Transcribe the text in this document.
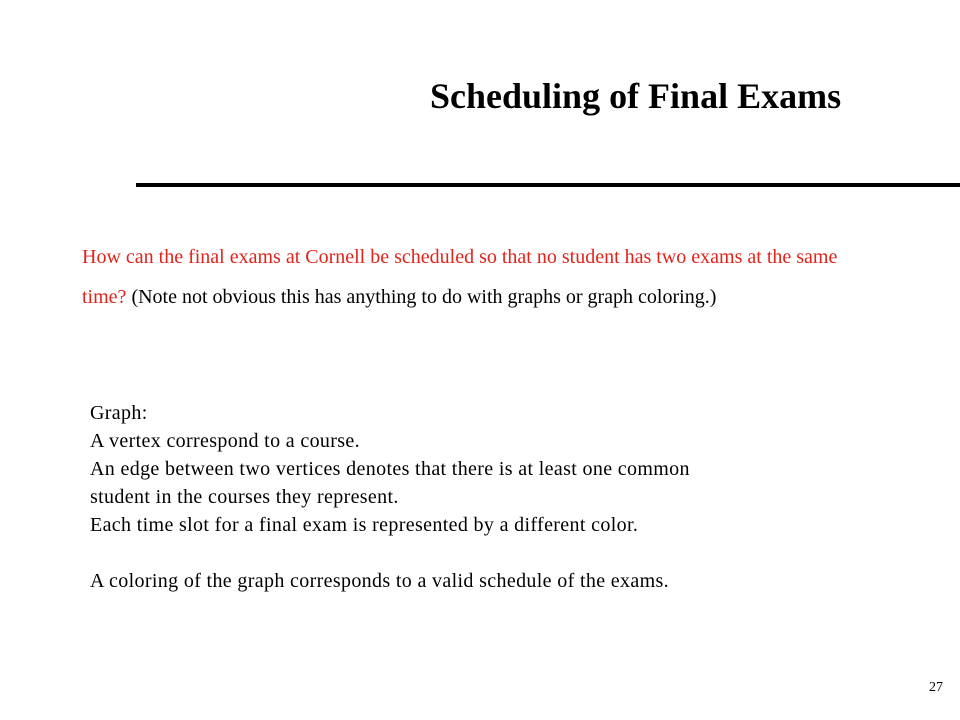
Scheduling of Final Exams
How can the final exams at Cornell be scheduled so that no student has two exams at the same time? (Note not obvious this has anything to do with graphs or graph coloring.)
Graph:
A vertex correspond to a course.
An edge between two vertices denotes that there is at least one common
student in the courses they represent.
Each time slot for a final exam is represented by a different color.
A coloring of the graph corresponds to a valid schedule of the exams.
27
